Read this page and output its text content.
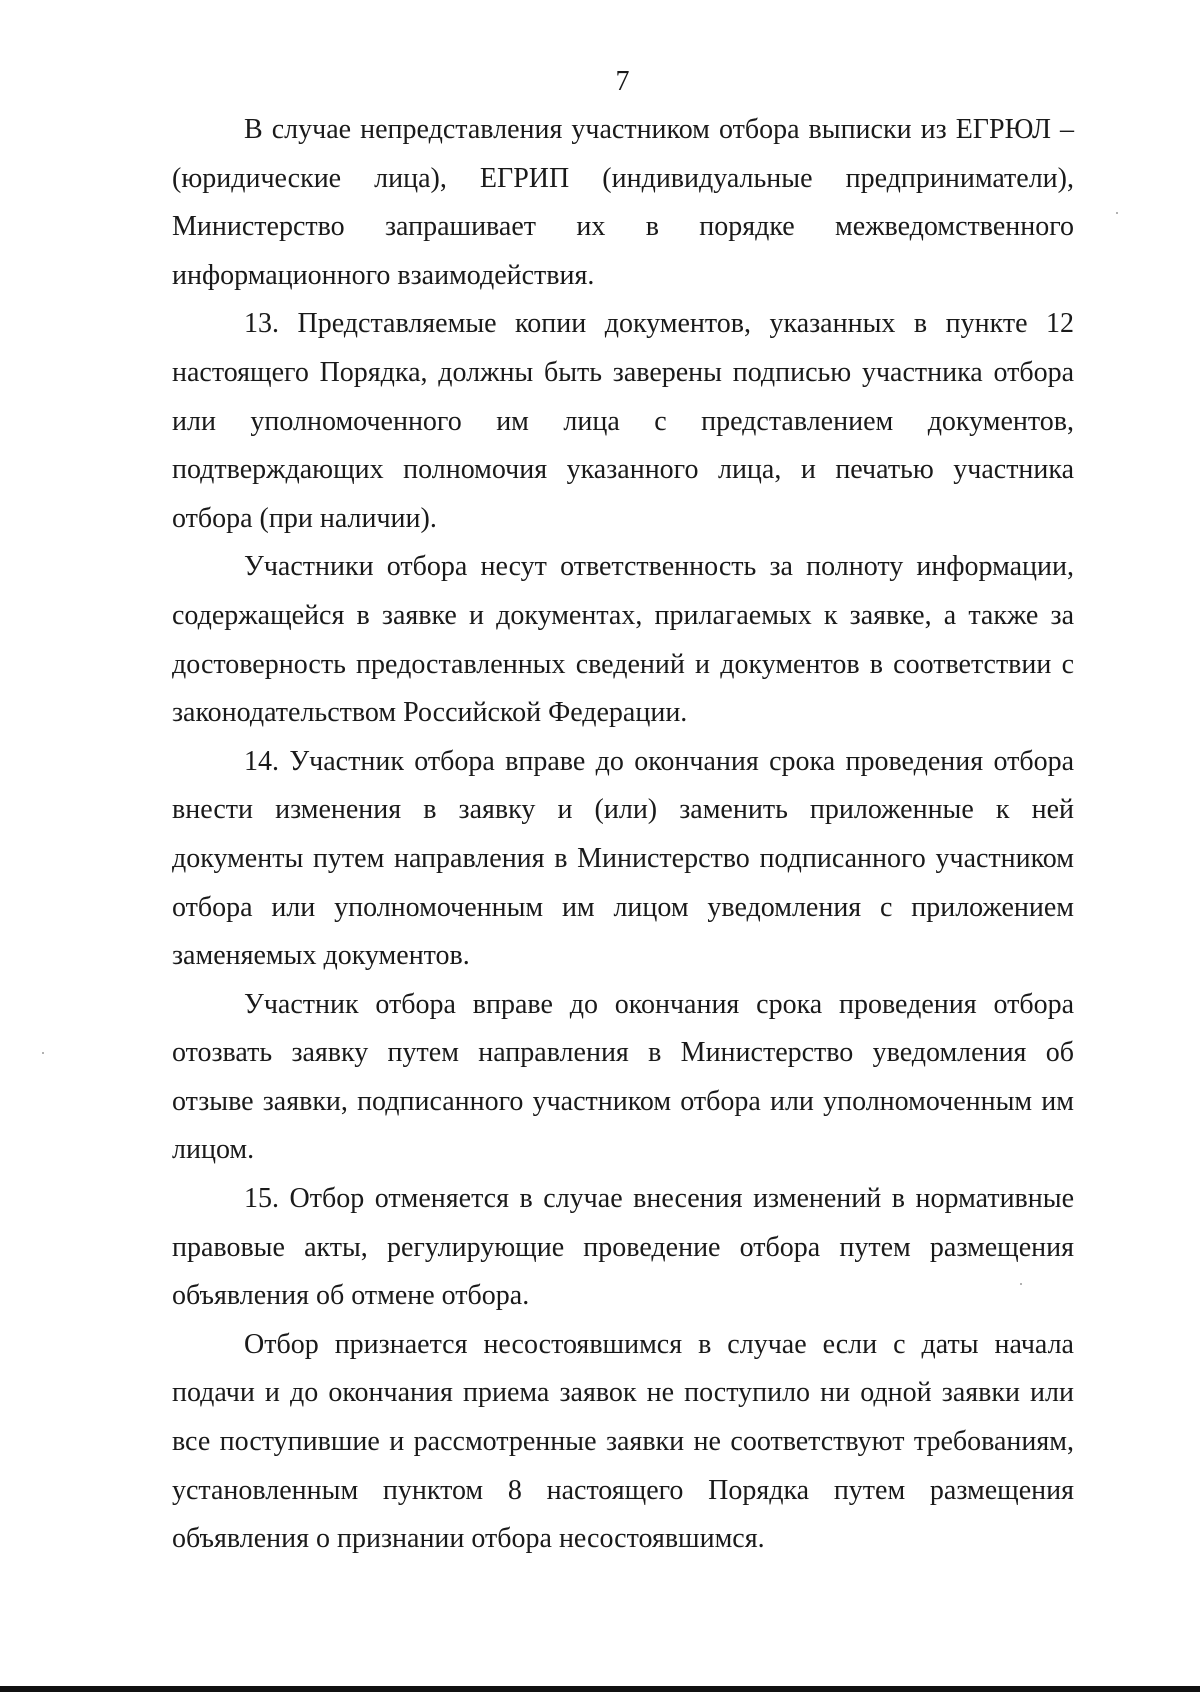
7

В случае непредставления участником отбора выписки из ЕГРЮЛ – (юридические лица), ЕГРИП (индивидуальные предприниматели), Министерство запрашивает их в порядке межведомственного информационного взаимодействия.

13. Представляемые копии документов, указанных в пункте 12 настоящего Порядка, должны быть заверены подписью участника отбора или уполномоченного им лица с представлением документов, подтверждающих полномочия указанного лица, и печатью участника отбора (при наличии).

Участники отбора несут ответственность за полноту информации, содержащейся в заявке и документах, прилагаемых к заявке, а также за достоверность предоставленных сведений и документов в соответствии с законодательством Российской Федерации.

14. Участник отбора вправе до окончания срока проведения отбора внести изменения в заявку и (или) заменить приложенные к ней документы путем направления в Министерство подписанного участником отбора или уполномоченным им лицом уведомления с приложением заменяемых документов.

Участник отбора вправе до окончания срока проведения отбора отозвать заявку путем направления в Министерство уведомления об отзыве заявки, подписанного участником отбора или уполномоченным им лицом.

15. Отбор отменяется в случае внесения изменений в нормативные правовые акты, регулирующие проведение отбора путем размещения объявления об отмене отбора.

Отбор признается несостоявшимся в случае если с даты начала подачи и до окончания приема заявок не поступило ни одной заявки или все поступившие и рассмотренные заявки не соответствуют требованиям, установленным пунктом 8 настоящего Порядка путем размещения объявления о признании отбора несостоявшимся.
